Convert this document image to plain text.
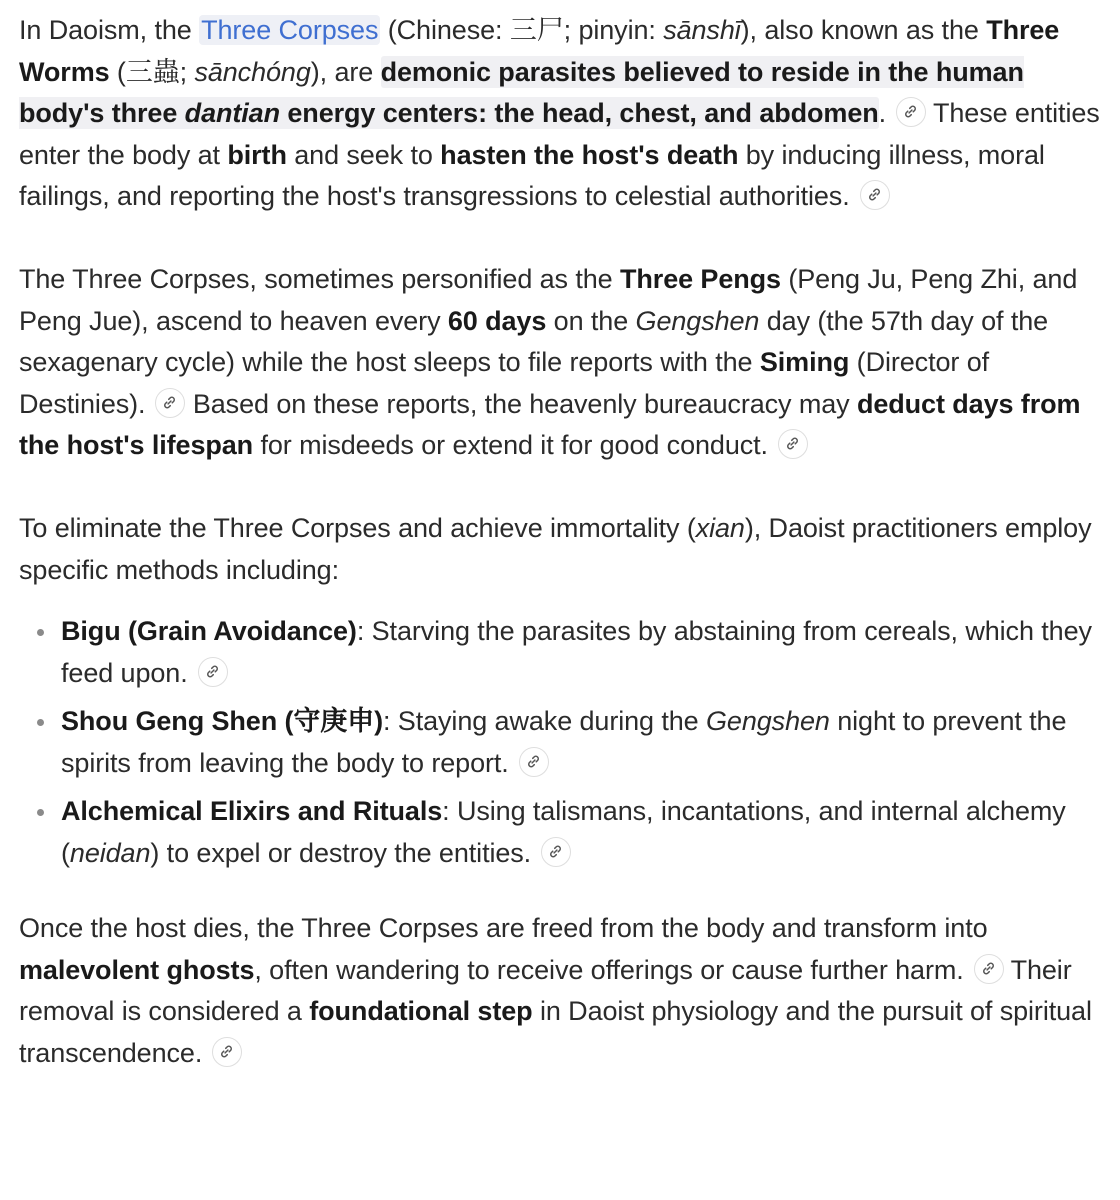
In Daoism, the Three Corpses (Chinese: 三尸; pinyin: sānshī), also known as the Three Worms (三蟲; sānchóng), are demonic parasites believed to reside in the human body's three dantian energy centers: the head, chest, and abdomen.
These entities enter the body at birth and seek to hasten the host's death by inducing illness, moral failings, and reporting the host's transgressions to celestial authorities.

The Three Corpses, sometimes personified as the Three Pengs (Peng Ju, Peng Zhi, and Peng Jue), ascend to heaven every 60 days on the Gengshen day (the 57th day of the sexagenary cycle) while the host sleeps to file reports with the Siming (Director of Destinies).
Based on these reports, the heavenly bureaucracy may deduct days from the host's lifespan for misdeeds or extend it for good conduct.

To eliminate the Three Corpses and achieve immortality (xian), Daoist practitioners employ specific methods including:

Bigu (Grain Avoidance): Starving the parasites by abstaining from cereals, which they feed upon.
Shou Geng Shen (守庚申): Staying awake during the Gengshen night to prevent the spirits from leaving the body to report.
Alchemical Elixirs and Rituals: Using talismans, incantations, and internal alchemy (neidan) to expel or destroy the entities.

Once the host dies, the Three Corpses are freed from the body and transform into malevolent ghosts, often wandering to receive offerings or cause further harm.
Their removal is considered a foundational step in Daoist physiology and the pursuit of spiritual transcendence.
